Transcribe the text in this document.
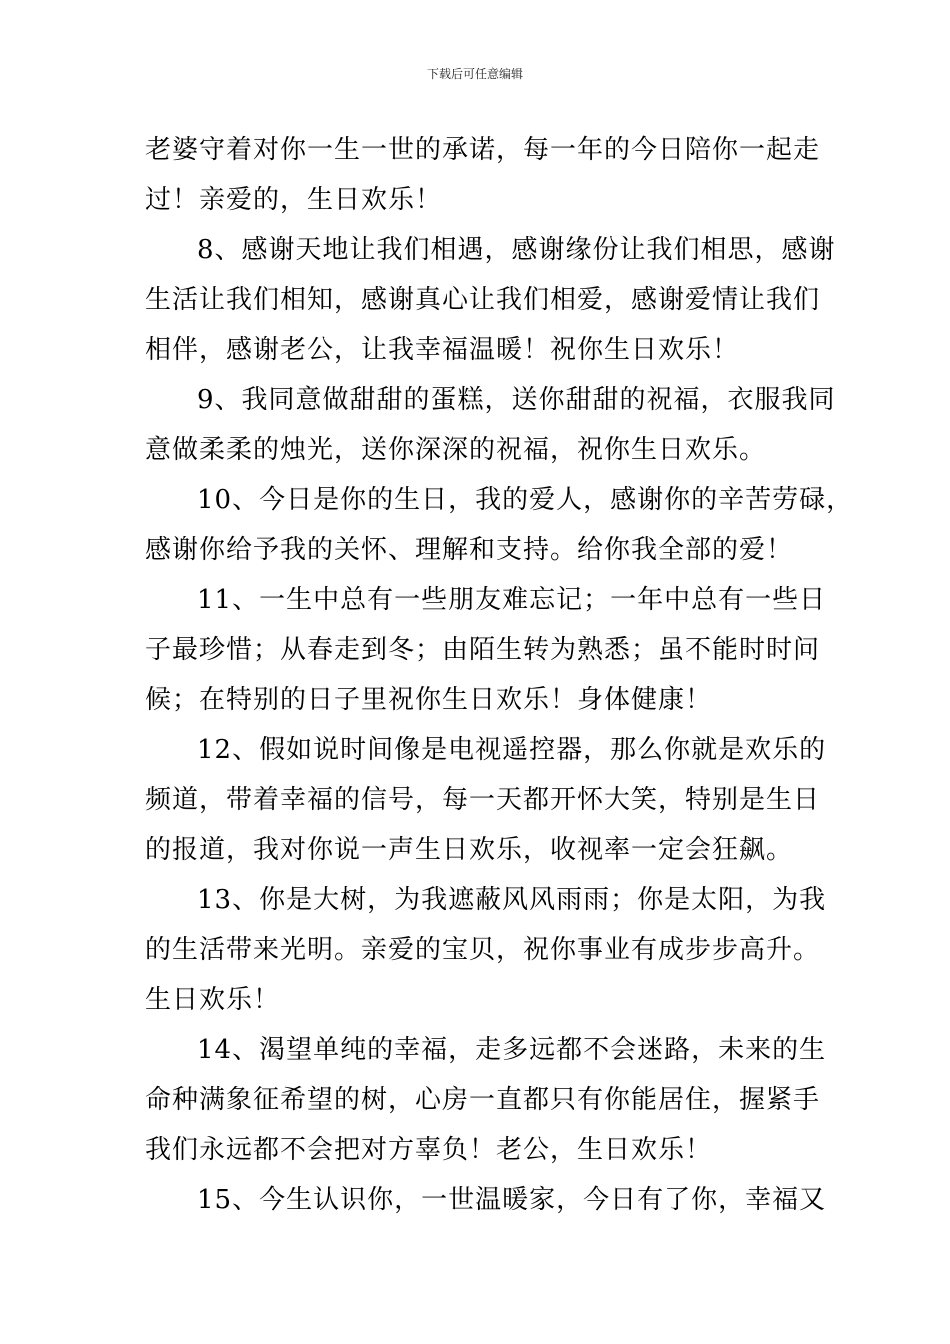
下载后可任意编辑
老婆守着对你一生一世的承诺，每一年的今日陪你一起走
过！亲爱的，生日欢乐！
8、感谢天地让我们相遇，感谢缘份让我们相思，感谢
生活让我们相知，感谢真心让我们相爱，感谢爱情让我们
相伴，感谢老公，让我幸福温暖！祝你生日欢乐！
9、我同意做甜甜的蛋糕，送你甜甜的祝福，衣服我同
意做柔柔的烛光，送你深深的祝福，祝你生日欢乐。
10、今日是你的生日，我的爱人，感谢你的辛苦劳碌，
感谢你给予我的关怀、理解和支持。给你我全部的爱！
11、一生中总有一些朋友难忘记；一年中总有一些日
子最珍惜；从春走到冬；由陌生转为熟悉；虽不能时时问
候；在特别的日子里祝你生日欢乐！身体健康！
12、假如说时间像是电视遥控器，那么你就是欢乐的
频道，带着幸福的信号，每一天都开怀大笑，特别是生日
的报道，我对你说一声生日欢乐，收视率一定会狂飙。
13、你是大树，为我遮蔽风风雨雨；你是太阳，为我
的生活带来光明。亲爱的宝贝，祝你事业有成步步高升。
生日欢乐！
14、渴望单纯的幸福，走多远都不会迷路，未来的生
命种满象征希望的树，心房一直都只有你能居住，握紧手
我们永远都不会把对方辜负！老公，生日欢乐！
15、今生认识你，一世温暖家，今日有了你，幸福又
